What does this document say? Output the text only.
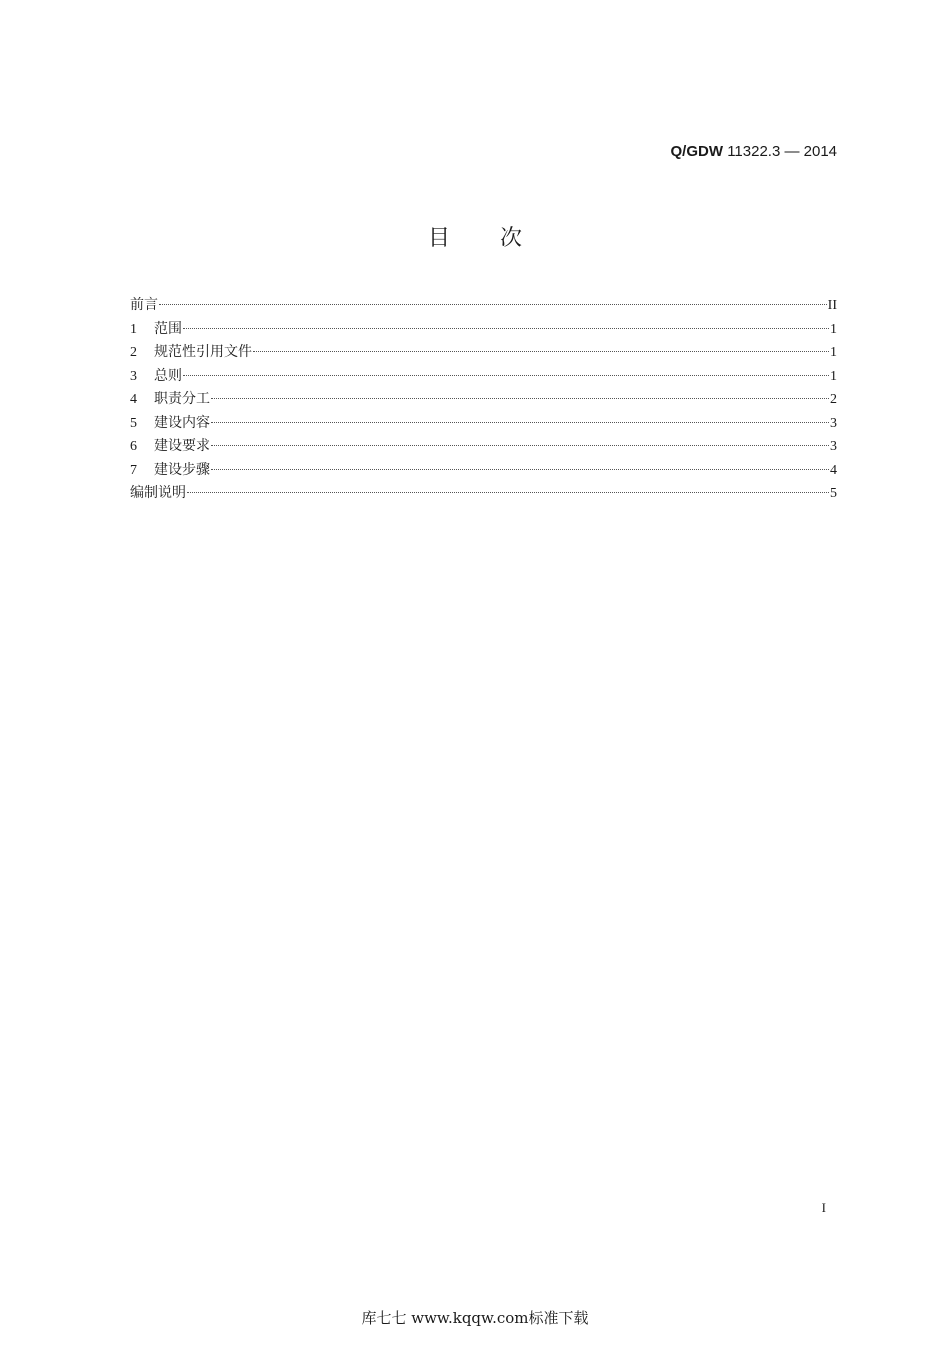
Q/GDW 11322.3 — 2014
目次
前言	II
1	范围	1
2	规范性引用文件	1
3	总则	1
4	职责分工	2
5	建设内容	3
6	建设要求	3
7	建设步骤	4
编制说明	5
I
库七七 www.kqqw.com标准下载
